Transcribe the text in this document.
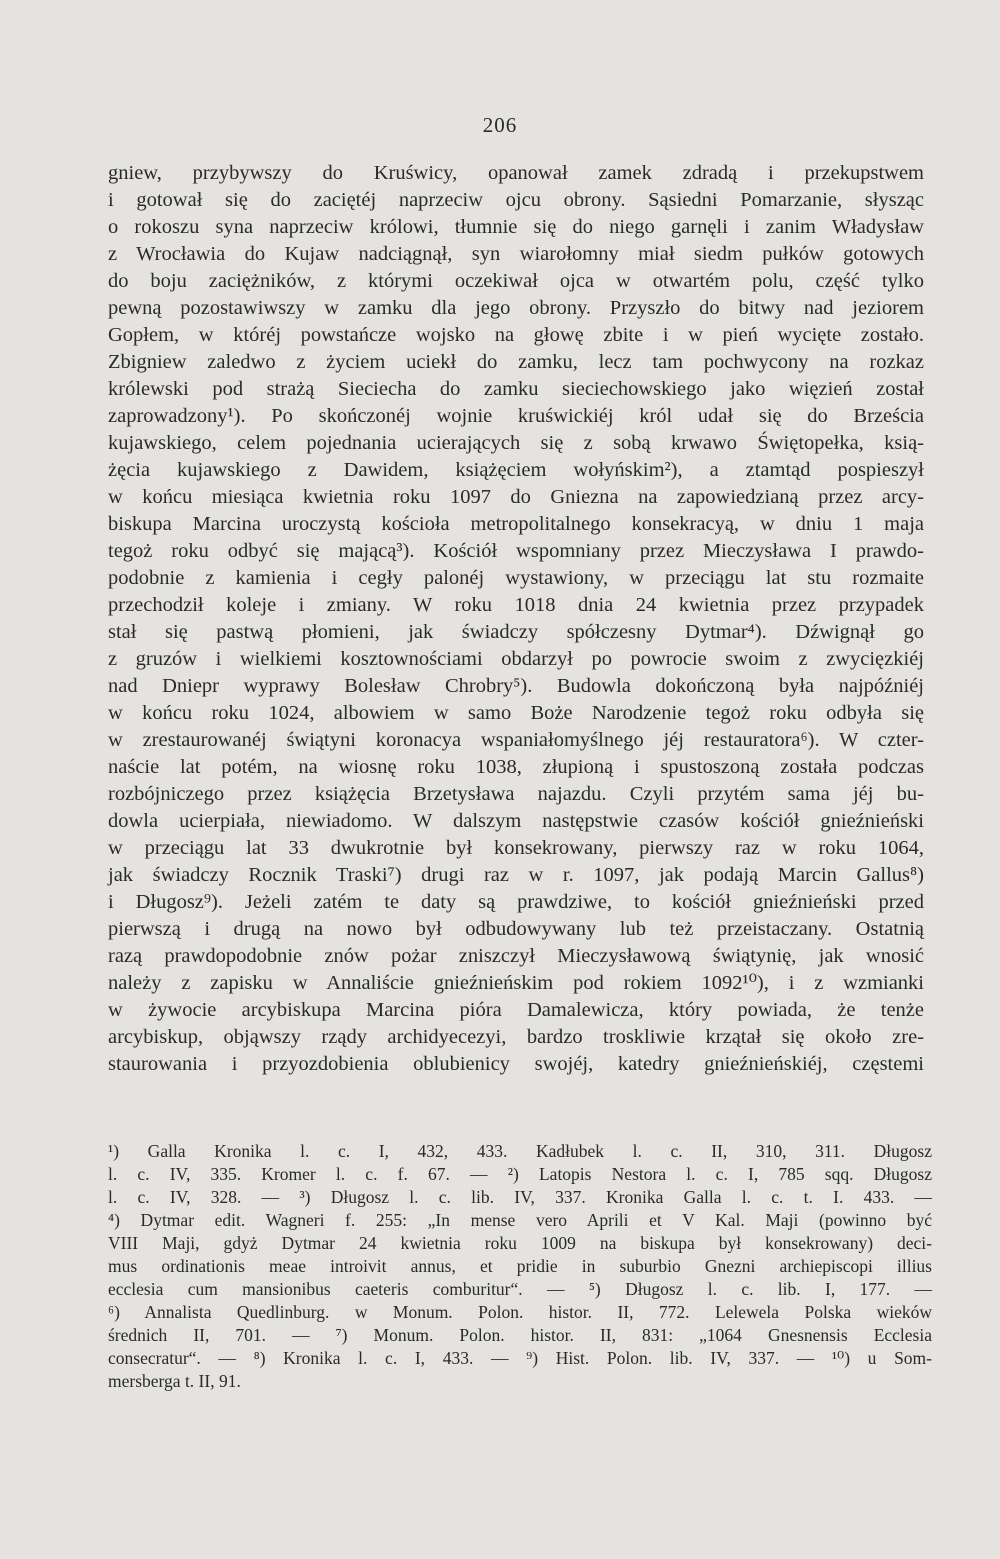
206
gniew, przybywszy do Kruświcy, opanował zamek zdradą i przekupstwem
i gotował się do zaciętéj naprzeciw ojcu obrony. Sąsiedni Pomarzanie, słysząc
o rokoszu syna naprzeciw królowi, tłumnie się do niego garnęli i zanim Władysław
z Wrocławia do Kujaw nadciągnął, syn wiarołomny miał siedm pułków gotowych
do boju zaciężników, z którymi oczekiwał ojca w otwartém polu, część tylko
pewną pozostawiwszy w zamku dla jego obrony. Przyszło do bitwy nad jeziorem
Gopłem, w któréj powstańcze wojsko na głowę zbite i w pień wycięte zostało.
Zbigniew zaledwo z życiem uciekł do zamku, lecz tam pochwycony na rozkaz
królewski pod strażą Sieciecha do zamku sieciechowskiego jako więzień został
zaprowadzony¹). Po skończonéj wojnie kruświckiéj król udał się do Brześcia
kujawskiego, celem pojednania ucierających się z sobą krwawo Świętopełka, ksią-
żęcia kujawskiego z Dawidem, książęciem wołyńskim²), a ztamtąd pospieszył
w końcu miesiąca kwietnia roku 1097 do Gniezna na zapowiedzianą przez arcy-
biskupa Marcina uroczystą kościoła metropolitalnego konsekracyą, w dniu 1 maja
tegoż roku odbyć się mającą³). Kościół wspomniany przez Mieczysława I prawdo-
podobnie z kamienia i cegły palonéj wystawiony, w przeciągu lat stu rozmaite
przechodził koleje i zmiany. W roku 1018 dnia 24 kwietnia przez przypadek
stał się pastwą płomieni, jak świadczy spółczesny Dytmar⁴). Dźwignął go
z gruzów i wielkiemi kosztownościami obdarzył po powrocie swoim z zwycięzkiéj
nad Dniepr wyprawy Bolesław Chrobry⁵). Budowla dokończoną była najpóźniéj
w końcu roku 1024, albowiem w samo Boże Narodzenie tegoż roku odbyła się
w zrestaurowanéj świątyni koronacya wspaniałomyślnego jéj restauratora⁶). W czter-
naście lat potém, na wiosnę roku 1038, złupioną i spustoszoną została podczas
rozbójniczego przez książęcia Brzetysława najazdu. Czyli przytém sama jéj bu-
dowla ucierpiała, niewiadomo. W dalszym następstwie czasów kościół gnieźnieński
w przeciągu lat 33 dwukrotnie był konsekrowany, pierwszy raz w roku 1064,
jak świadczy Rocznik Traski⁷) drugi raz w r. 1097, jak podają Marcin Gallus⁸)
i Długosz⁹). Jeżeli zatém te daty są prawdziwe, to kościół gnieźnieński przed
pierwszą i drugą na nowo był odbudowywany lub też przeistaczany. Ostatnią
razą prawdopodobnie znów pożar zniszczył Mieczysławową świątynię, jak wnosić
należy z zapisku w Annaliście gnieźnieńskim pod rokiem 1092¹⁰), i z wzmianki
w żywocie arcybiskupa Marcina pióra Damalewicza, który powiada, że tenże
arcybiskup, objąwszy rządy archidyecezyi, bardzo troskliwie krzątał się około zre-
staurowania i przyozdobienia oblubienicy swojéj, katedry gnieźnieńskiéj, częstemi
¹) Galla Kronika l. c. I, 432, 433. Kadłubek l. c. II, 310, 311. Długosz
l. c. IV, 335. Kromer l. c. f. 67. — ²) Latopis Nestora l. c. I, 785 sqq. Długosz
l. c. IV, 328. — ³) Długosz l. c. lib. IV, 337. Kronika Galla l. c. t. I. 433. —
⁴) Dytmar edit. Wagneri f. 255: „In mense vero Aprili et V Kal. Maji (powinno być
VIII Maji, gdyż Dytmar 24 kwietnia roku 1009 na biskupa był konsekrowany) deci-
mus ordinationis meae introivit annus, et pridie in suburbio Gnezni archiepiscopi illius
ecclesia cum mansionibus caeteris comburitur“. — ⁵) Długosz l. c. lib. I, 177. —
⁶) Annalista Quedlinburg. w Monum. Polon. histor. II, 772. Lelewela Polska wieków
średnich II, 701. — ⁷) Monum. Polon. histor. II, 831: „1064 Gnesnensis Ecclesia
consecratur“. — ⁸) Kronika l. c. I, 433. — ⁹) Hist. Polon. lib. IV, 337. — ¹⁰) u Som-
mersberga t. II, 91.
